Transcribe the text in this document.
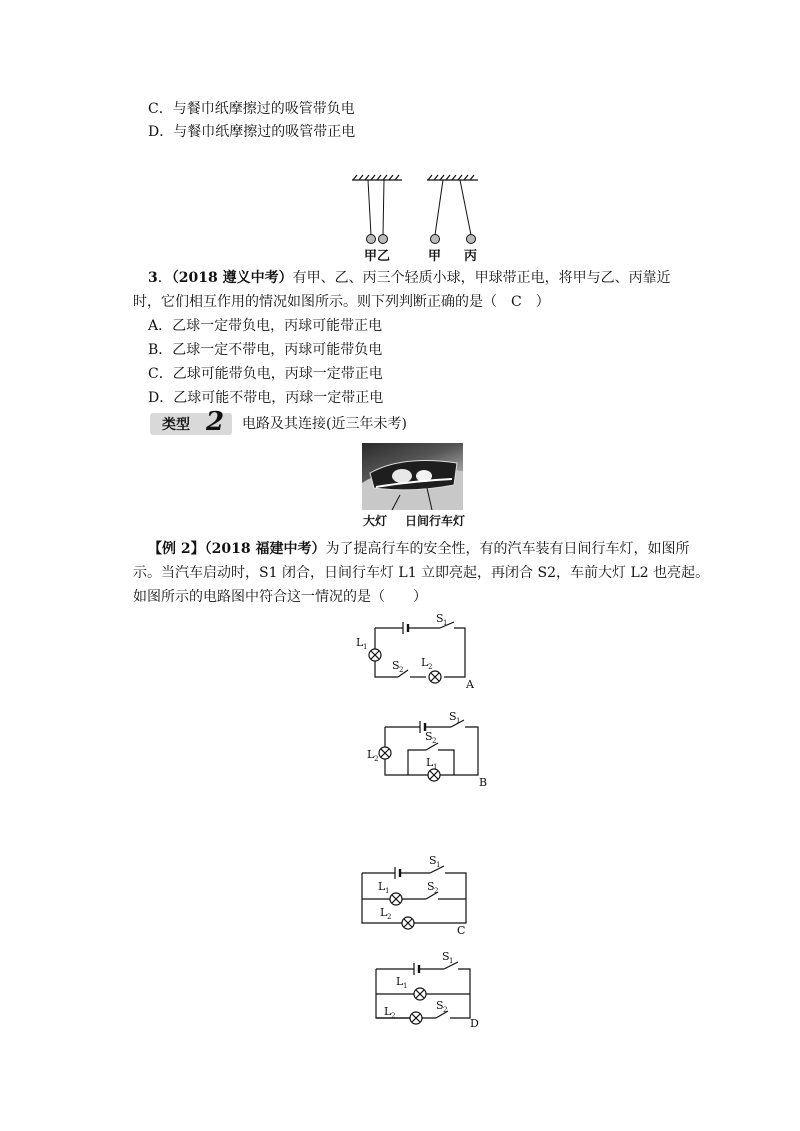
C．与餐巾纸摩擦过的吸管带负电
D．与餐巾纸摩擦过的吸管带正电
甲 乙	甲 丙
3．（2018 遵义中考）有甲、乙、丙三个轻质小球，甲球带正电，将甲与乙、丙靠近
时，它们相互作用的情况如图所示。则下列判断正确的是（　C　）
A．乙球一定带负电，丙球可能带正电
B．乙球一定不带电，丙球可能带负电
C．乙球可能带负电，丙球一定带正电
D．乙球可能不带电，丙球一定带正电
类型 2 电路及其连接(近三年未考)
大灯 日间行车灯
【例 2】（2018 福建中考）为了提高行车的安全性，有的汽车装有日间行车灯，如图所
示。当汽车启动时，S1 闭合，日间行车灯 L1 立即亮起，再闭合 S2，车前大灯 L2 也亮起。
如图所示的电路图中符合这一情况的是（　　）
L 1
S 1
S 2
L 2
A
S 1
S 2
L 2	L 1
B
S 1
L 1	S 2
L 2
C
S 1
L 1
L 2
S 2
D
